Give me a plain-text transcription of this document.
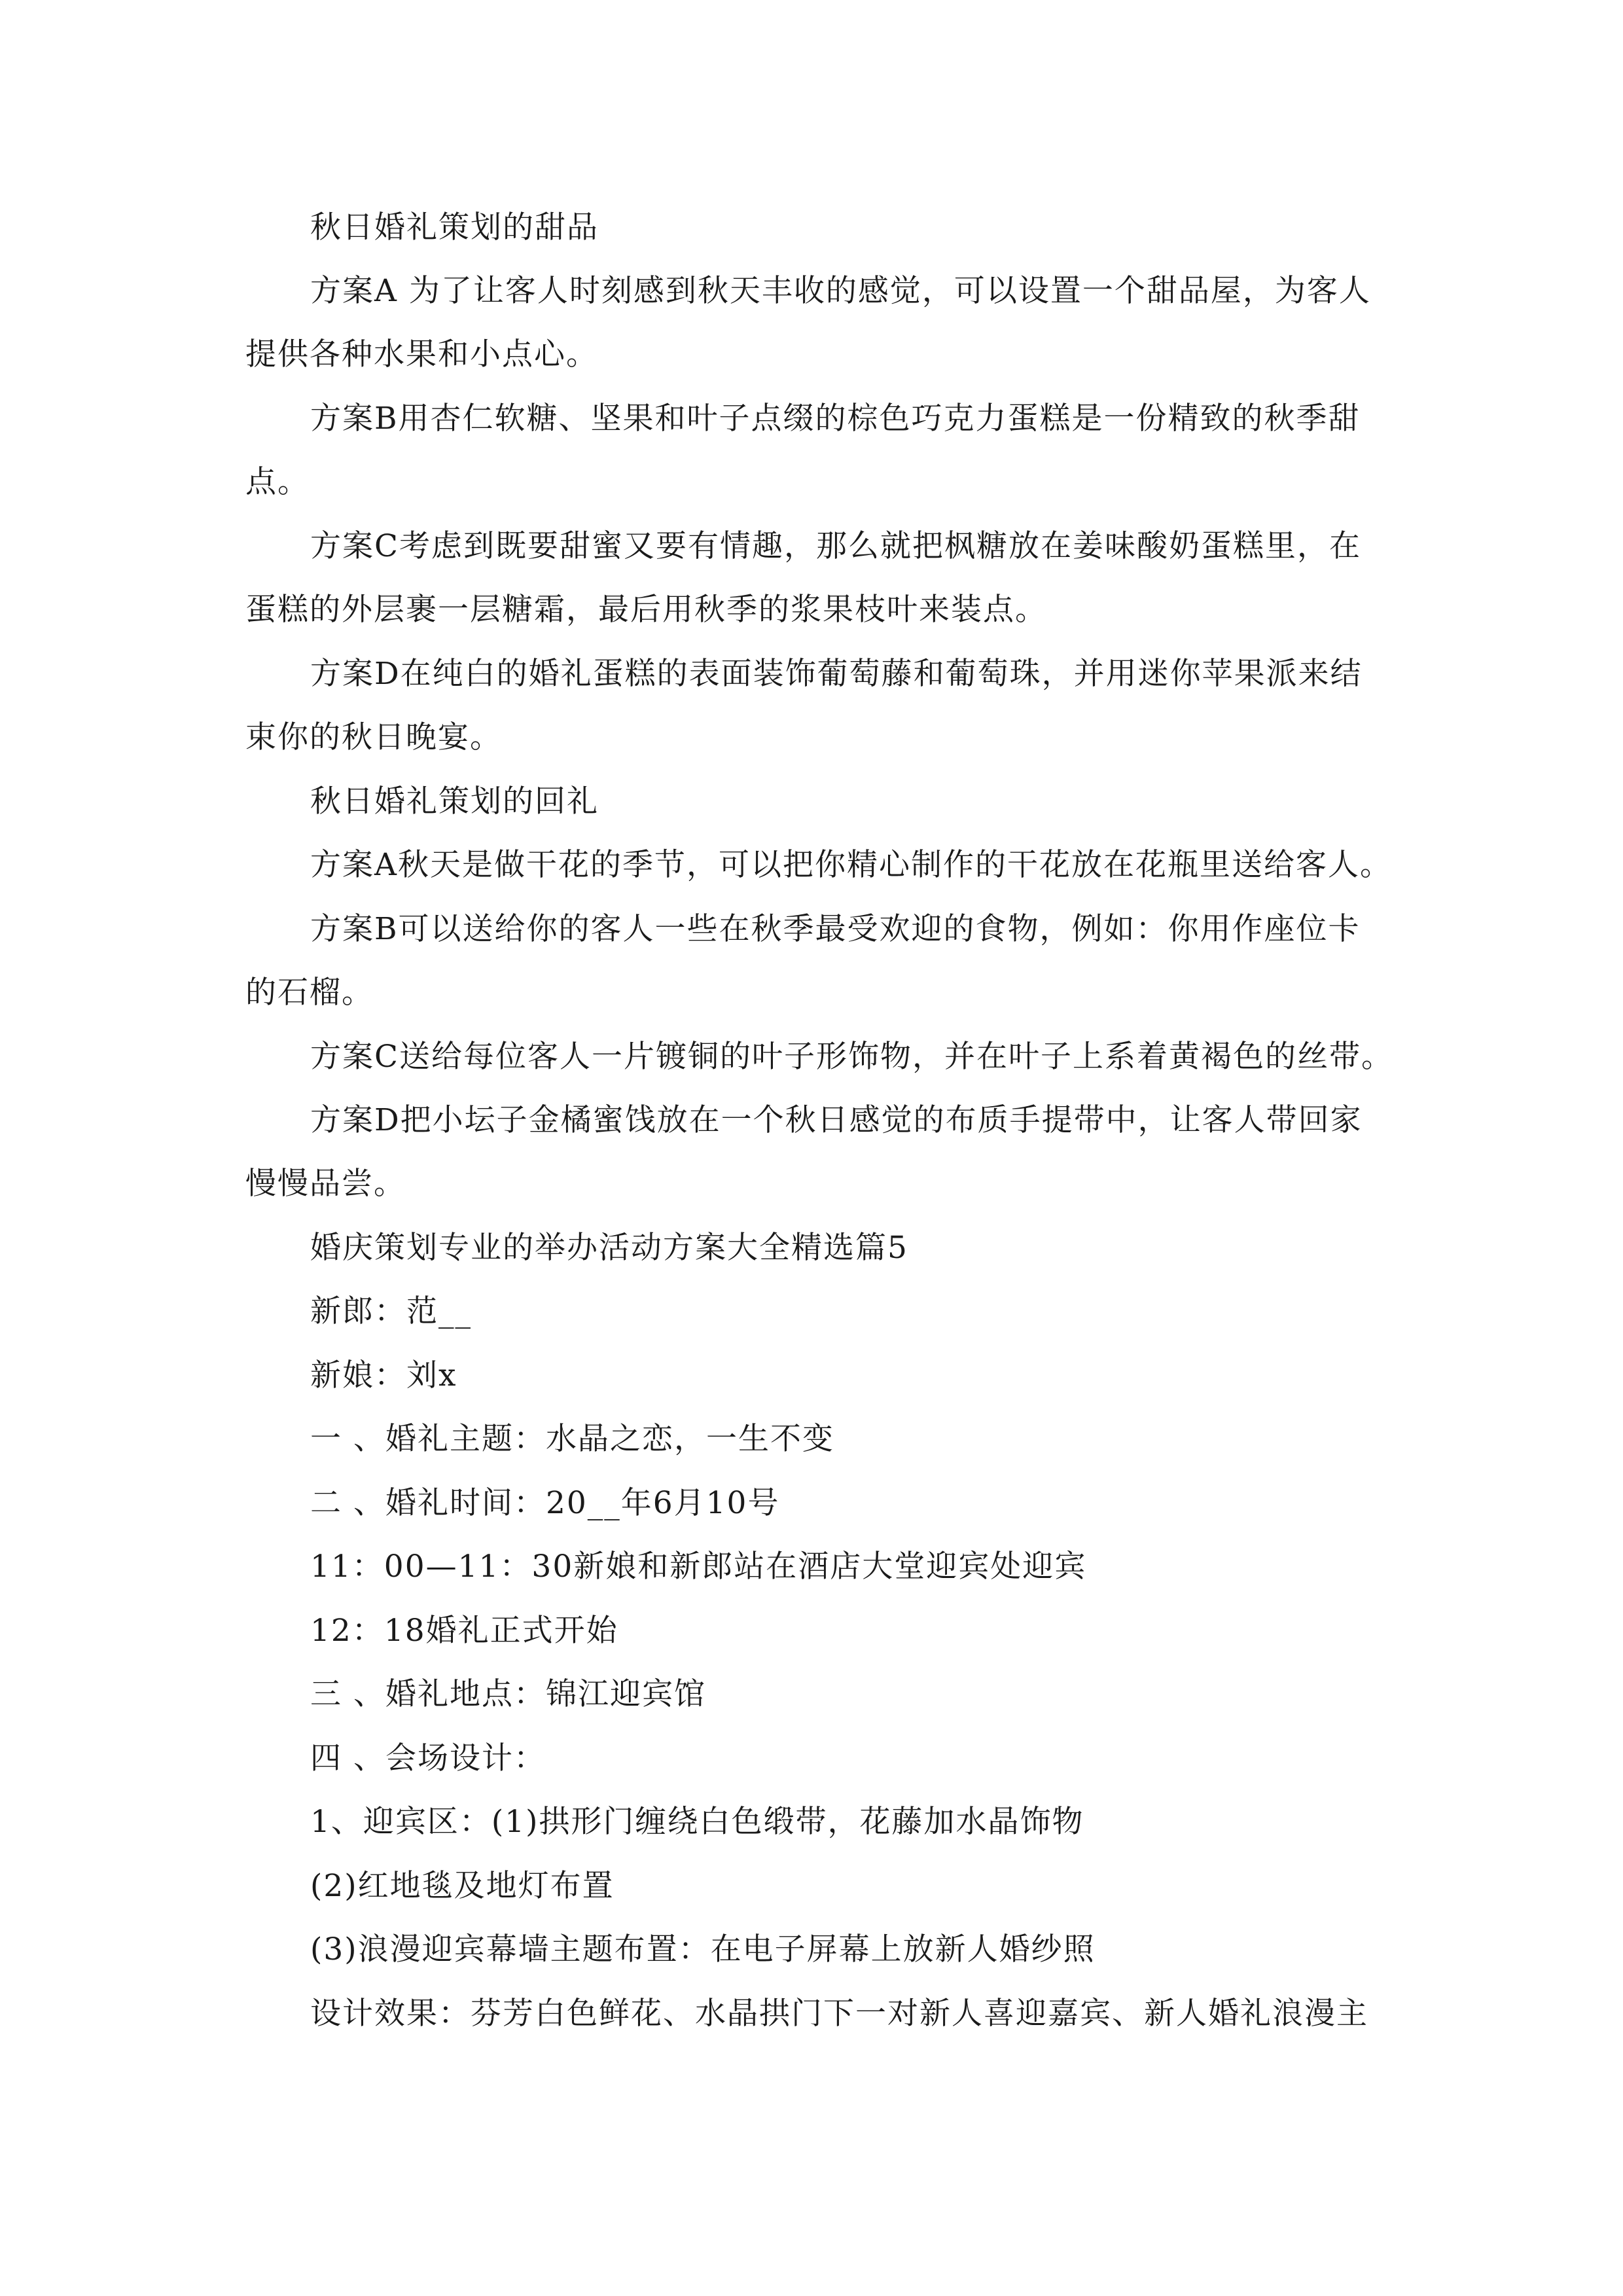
秋日婚礼策划的甜品
方案A 为了让客人时刻感到秋天丰收的感觉，可以设置一个甜品屋，为客人
提供各种水果和小点心。
方案B用杏仁软糖、坚果和叶子点缀的棕色巧克力蛋糕是一份精致的秋季甜
点。
方案C考虑到既要甜蜜又要有情趣，那么就把枫糖放在姜味酸奶蛋糕里，在
蛋糕的外层裹一层糖霜，最后用秋季的浆果枝叶来装点。
方案D在纯白的婚礼蛋糕的表面装饰葡萄藤和葡萄珠，并用迷你苹果派来结
束你的秋日晚宴。
秋日婚礼策划的回礼
方案A秋天是做干花的季节，可以把你精心制作的干花放在花瓶里送给客人。
方案B可以送给你的客人一些在秋季最受欢迎的食物，例如：你用作座位卡
的石榴。
方案C送给每位客人一片镀铜的叶子形饰物，并在叶子上系着黄褐色的丝带。
方案D把小坛子金橘蜜饯放在一个秋日感觉的布质手提带中，让客人带回家
慢慢品尝。
婚庆策划专业的举办活动方案大全精选篇5
新郎：范__
新娘：刘x
一 、婚礼主题：水晶之恋，一生不变
二 、婚礼时间：20__年6月10号
11：00—11：30新娘和新郎站在酒店大堂迎宾处迎宾
12：18婚礼正式开始
三 、婚礼地点：锦江迎宾馆
四 、会场设计：
1、迎宾区：(1)拱形门缠绕白色缎带，花藤加水晶饰物
(2)红地毯及地灯布置
(3)浪漫迎宾幕墙主题布置：在电子屏幕上放新人婚纱照
设计效果：芬芳白色鲜花、水晶拱门下一对新人喜迎嘉宾、新人婚礼浪漫主
